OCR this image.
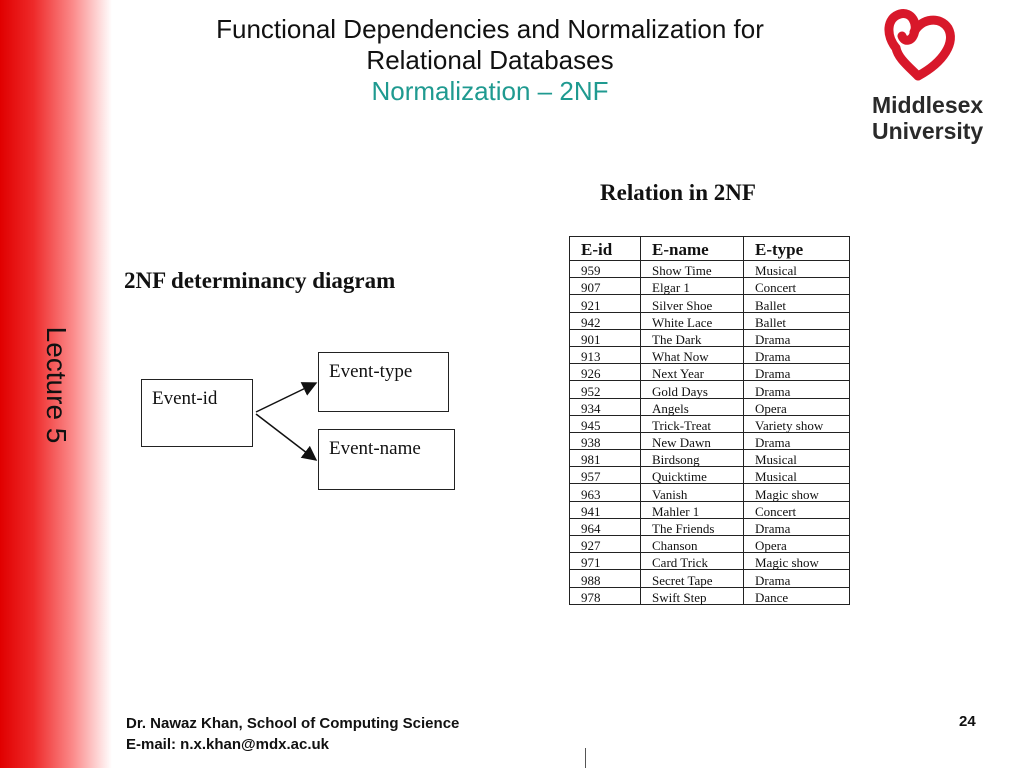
Lecture 5
Functional Dependencies and Normalization for
Relational Databases
Normalization – 2NF	Middlesex
University
2NF determinancy diagram
Event-id
Event-type
Event-name
Relation in 2NF
E-id	E-name	E-type
959	Show Time	Musical
907	Elgar 1	Concert
921	Silver Shoe	Ballet
942	White Lace	Ballet
901	The Dark	Drama
913	What Now	Drama
926	Next Year	Drama
952	Gold Days	Drama
934	Angels	Opera
945	Trick-Treat	Variety show
938	New Dawn	Drama
981	Birdsong	Musical
957	Quicktime	Musical
963	Vanish	Magic show
941	Mahler 1	Concert
964	The Friends	Drama
927	Chanson	Opera
971	Card Trick	Magic show
988	Secret Tape	Drama
978	Swift Step	Dance
Dr. Nawaz Khan, School of Computing Science
E-mail: n.x.khan@mdx.ac.uk
24
